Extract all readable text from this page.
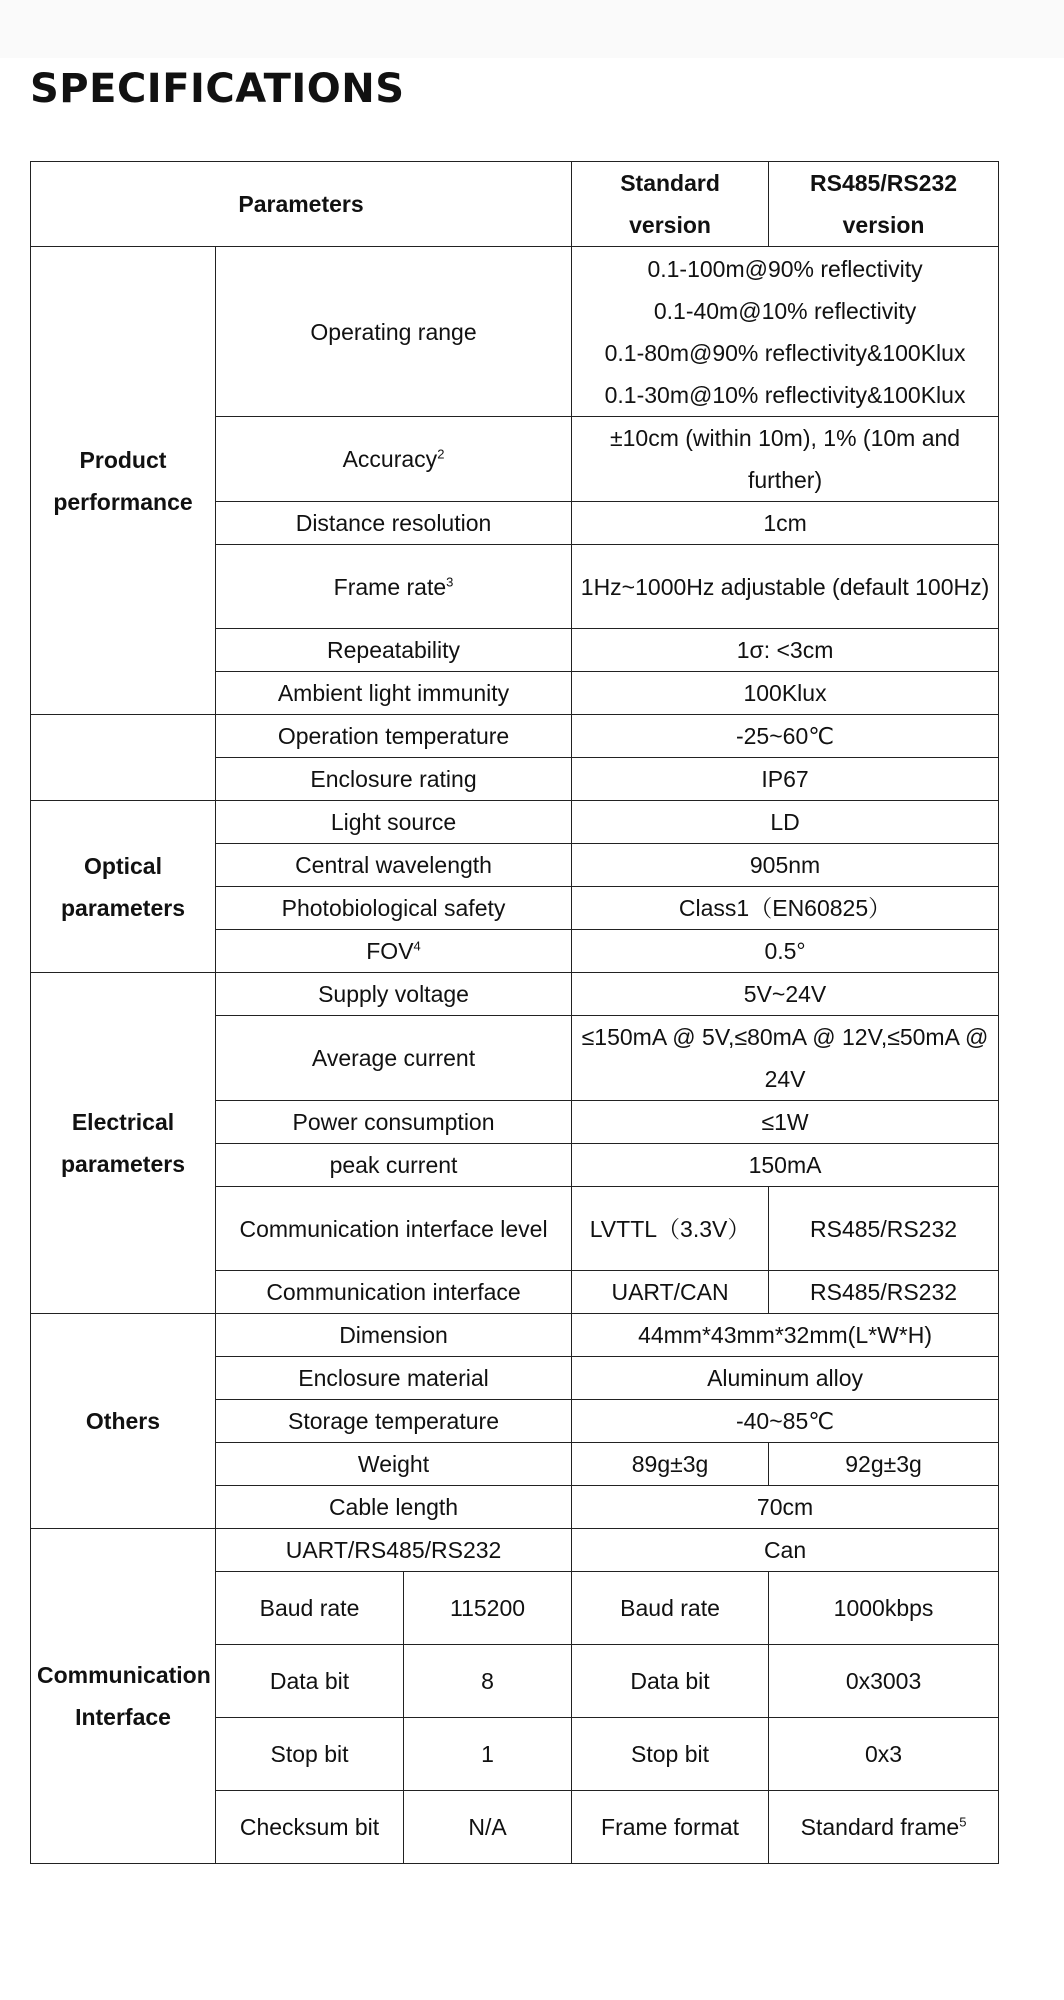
SPECIFICATIONS
Parameters			Standard version	RS485/RS232 version
Product performance	Operating range		0.1-100m@90% reflectivity
0.1-40m@10% reflectivity
0.1-80m@90% reflectivity&100Klux
0.1-30m@10% reflectivity&100Klux	

	Accuracy$^2$		±10cm (within 10m), 1% (10m and further)	
	Distance resolution		1cm	
	Frame rate$^3$		1Hz~1000Hz adjustable (default 100Hz)	
	Repeatability		1σ: <3cm	
	Ambient light immunity		100Klux	
	Operation temperature		-25~60℃	
	Enclosure rating		IP67	
Optical parameters	Light source		LD	
	Central wavelength		905nm	
	Photobiological safety		Class1（EN60825）	
	FOV$^4$		0.5°	
Electrical parameters	Supply voltage		5V~24V	
	Average current		≤150mA @ 5V,≤80mA @ 12V,≤50mA @ 24V	
	Power consumption		≤1W	
	peak current		150mA	
	Communication interface level		LVTTL（3.3V）	RS485/RS232
	Communication interface		UART/CAN	RS485/RS232
Others	Dimension		44mm*43mm*32mm(L*W*H)	
	Enclosure material		Aluminum alloy	
	Storage temperature		-40~85℃	
	Weight		89g±3g	92g±3g
	Cable length		70cm	
Communication Interface	UART/RS485/RS232		Can	
	Baud rate	115200	Baud rate	1000kbps
	Data bit	8	Data bit	0x3003
	Stop bit	1	Stop bit	0x3
	Checksum bit	N/A	Frame format	Standard frame$^5$
